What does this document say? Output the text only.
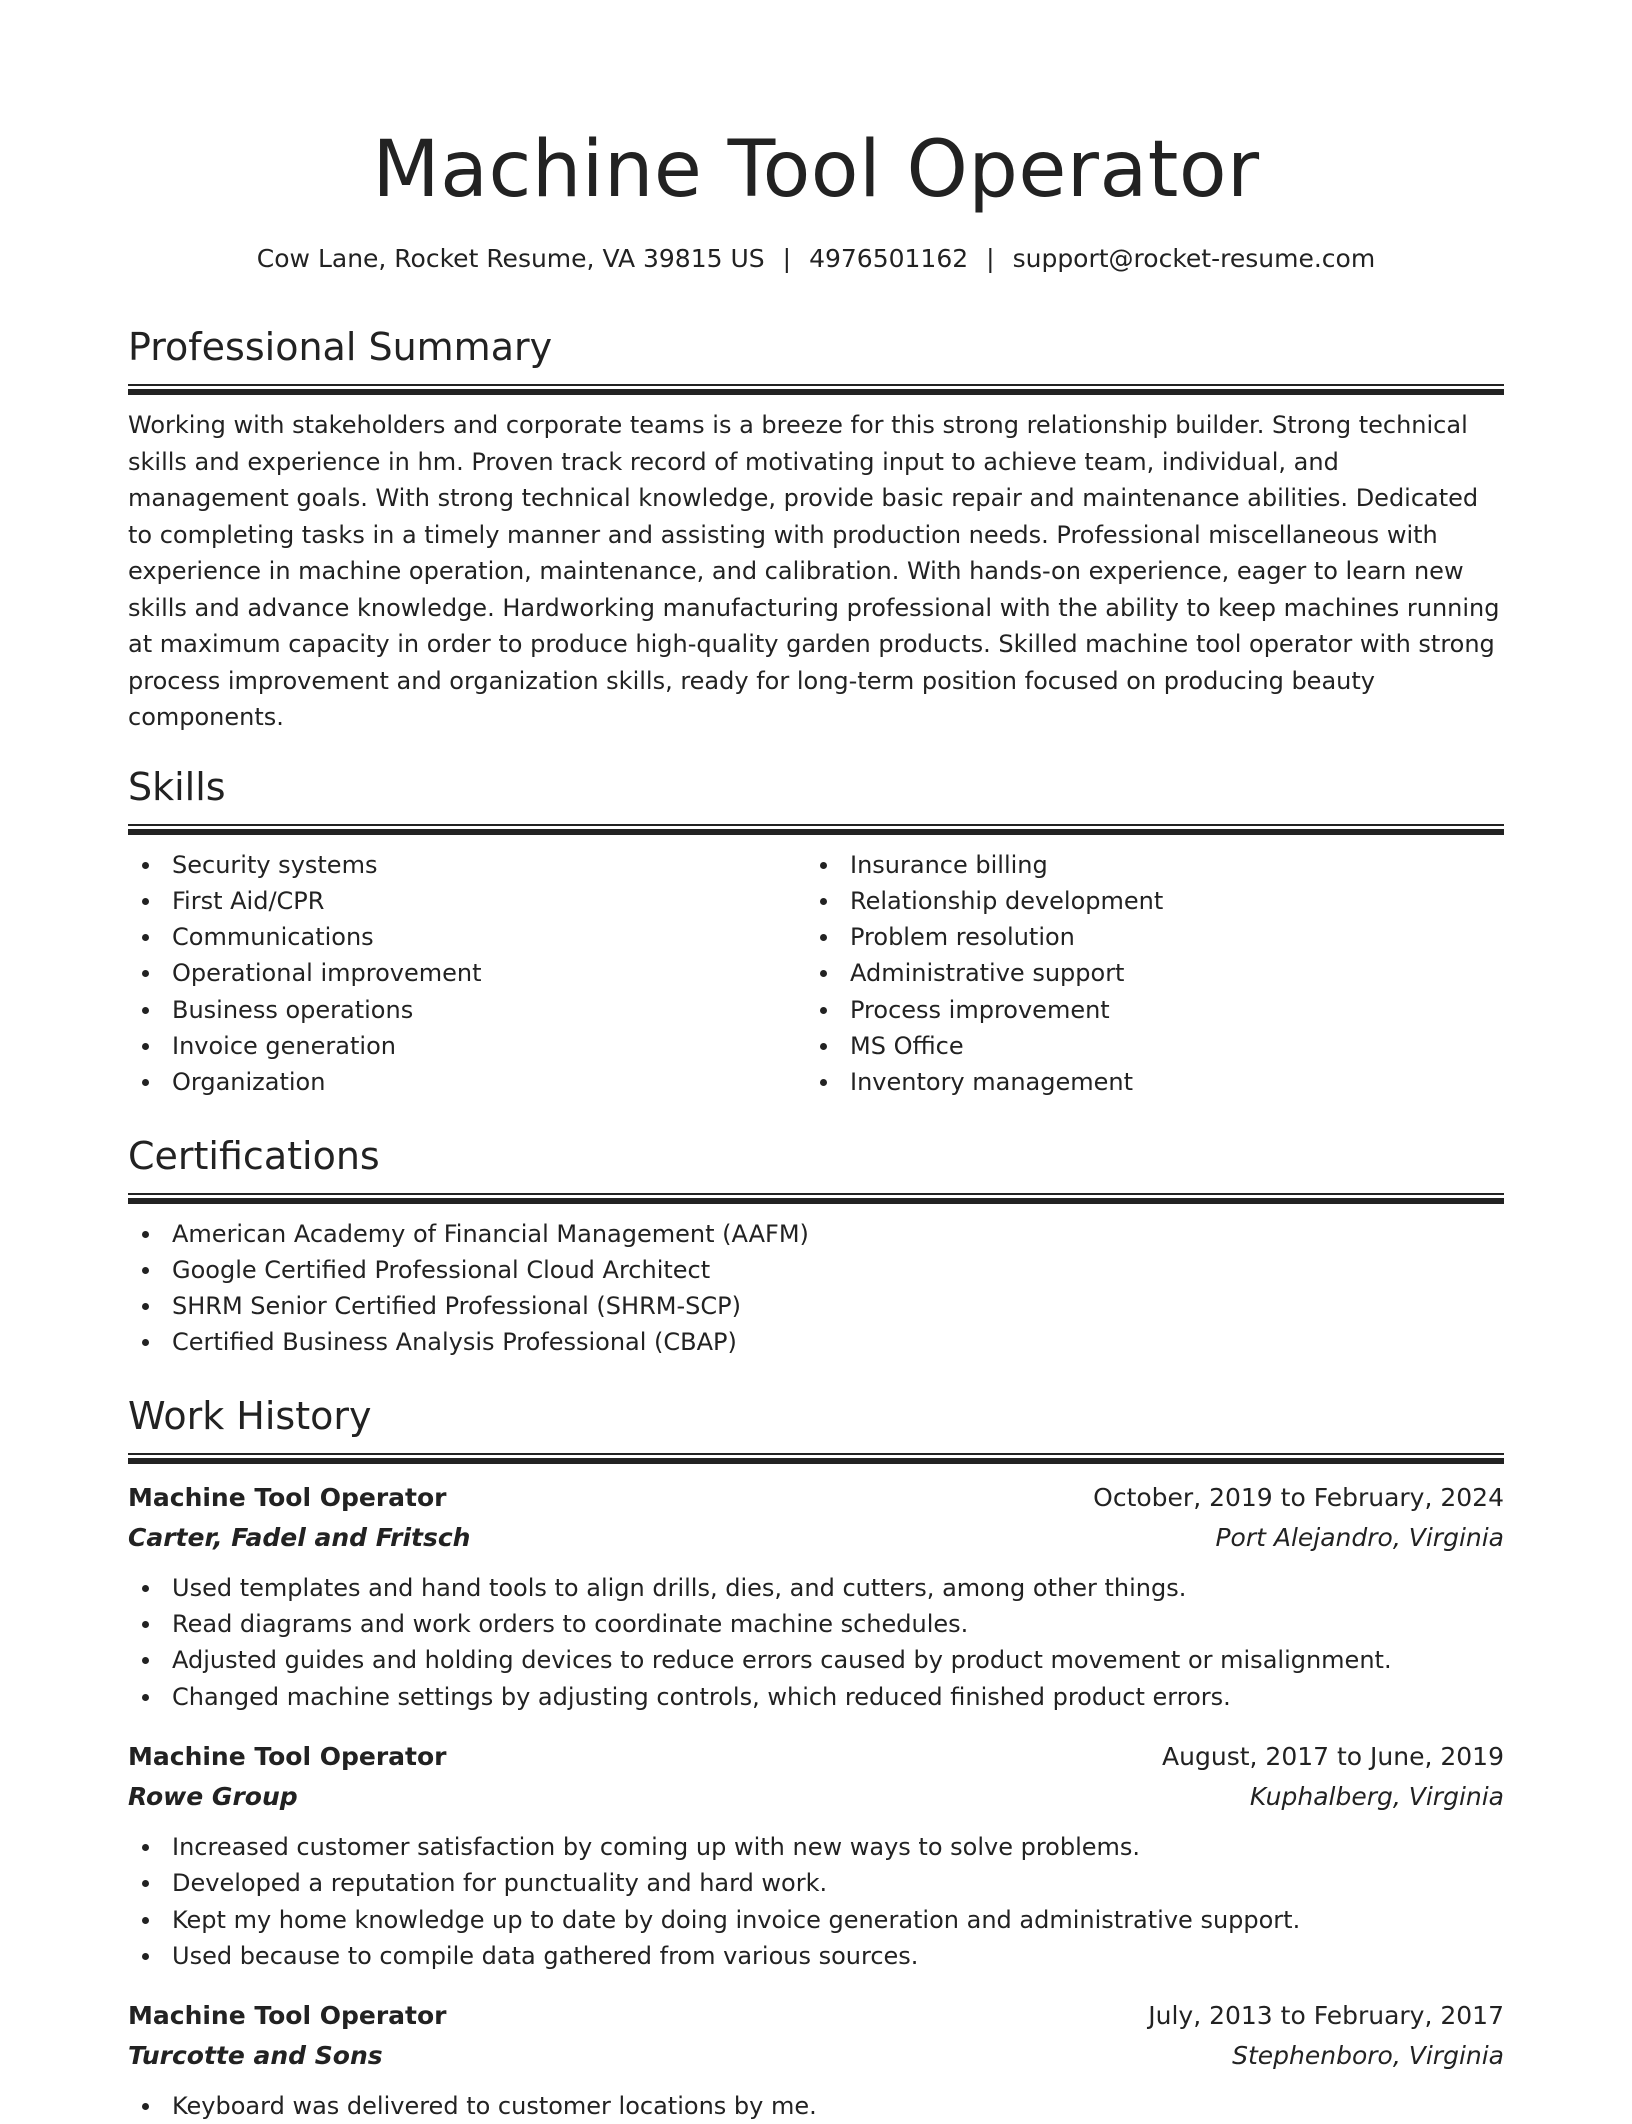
Machine Tool Operator
Cow Lane, Rocket Resume, VA 39815 US | 4976501162 | support@rocket-resume.com
Professional Summary

Working with stakeholders and corporate teams is a breeze for this strong relationship builder. Strong technical skills and experience in hm. Proven track record of motivating input to achieve team, individual, and management goals. With strong technical knowledge, provide basic repair and maintenance abilities. Dedicated to completing tasks in a timely manner and assisting with production needs. Professional miscellaneous with experience in machine operation, maintenance, and calibration. With hands-on experience, eager to learn new skills and advance knowledge. Hardworking manufacturing professional with the ability to keep machines running at maximum capacity in order to produce high-quality garden products. Skilled machine tool operator with strong process improvement and organization skills, ready for long-term position focused on producing beauty components.

Skills
Security systems
First Aid/CPR
Communications
Operational improvement
Business operations
Invoice generation
Organization
Insurance billing
Relationship development
Problem resolution
Administrative support
Process improvement
MS Office
Inventory management
Certifications
American Academy of Financial Management (AAFM)
Google Certified Professional Cloud Architect
SHRM Senior Certified Professional (SHRM-SCP)
Certified Business Analysis Professional (CBAP)
Work History
Machine Tool Operator	October, 2019 to February, 2024
Carter, Fadel and Fritsch	Port Alejandro, Virginia
Used templates and hand tools to align drills, dies, and cutters, among other things.
Read diagrams and work orders to coordinate machine schedules.
Adjusted guides and holding devices to reduce errors caused by product movement or misalignment.
Changed machine settings by adjusting controls, which reduced finished product errors.
Machine Tool Operator	August, 2017 to June, 2019
Rowe Group	Kuphalberg, Virginia
Increased customer satisfaction by coming up with new ways to solve problems.
Developed a reputation for punctuality and hard work.
Kept my home knowledge up to date by doing invoice generation and administrative support.
Used because to compile data gathered from various sources.
Machine Tool Operator	July, 2013 to February, 2017
Turcotte and Sons	Stephenboro, Virginia
Keyboard was delivered to customer locations by me.
